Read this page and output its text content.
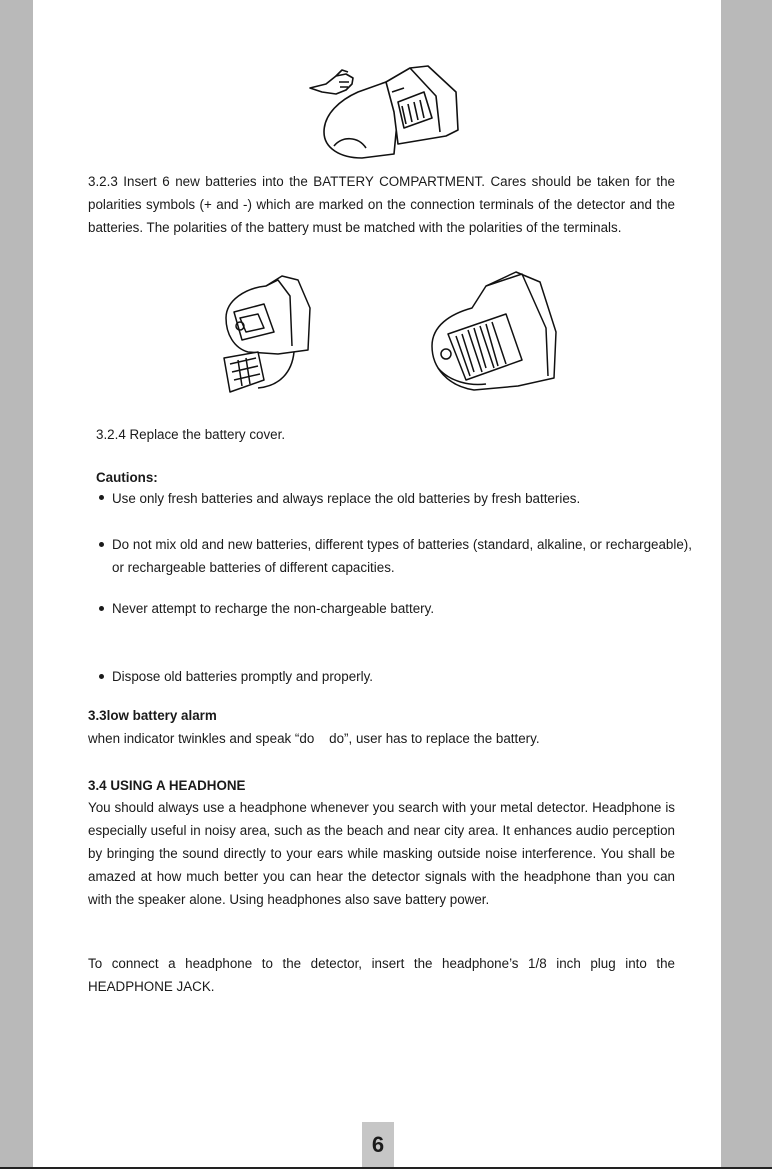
3.2.3 Insert 6 new batteries into the BATTERY COMPARTMENT. Cares should be taken for the polarities symbols (+ and -) which are marked on the connection terminals of the detector and the batteries. The polarities of the battery must be matched with the polarities of the terminals.

3.2.4 Replace the battery cover.

Cautions:

Use only fresh batteries and always replace the old batteries by fresh batteries.

Do not mix old and new batteries, different types of batteries (standard, alkaline, or rechargeable), or rechargeable batteries of different capacities.

Never attempt to recharge the non-chargeable battery.

Dispose old batteries promptly and properly.

3.3low battery alarm

when indicator twinkles and speak “do    do”, user has to replace the battery.

3.4 USING A HEADHONE

You should always use a headphone whenever you search with your metal detector. Headphone is especially useful in noisy area, such as the beach and near city area. It enhances audio perception by bringing the sound directly to your ears while masking outside noise interference. You shall be amazed at how much better you can hear the detector signals with the headphone than you can with the speaker alone. Using headphones also save battery power.

To connect a headphone to the detector, insert the headphone’s 1/8 inch plug into the HEADPHONE JACK.

6
